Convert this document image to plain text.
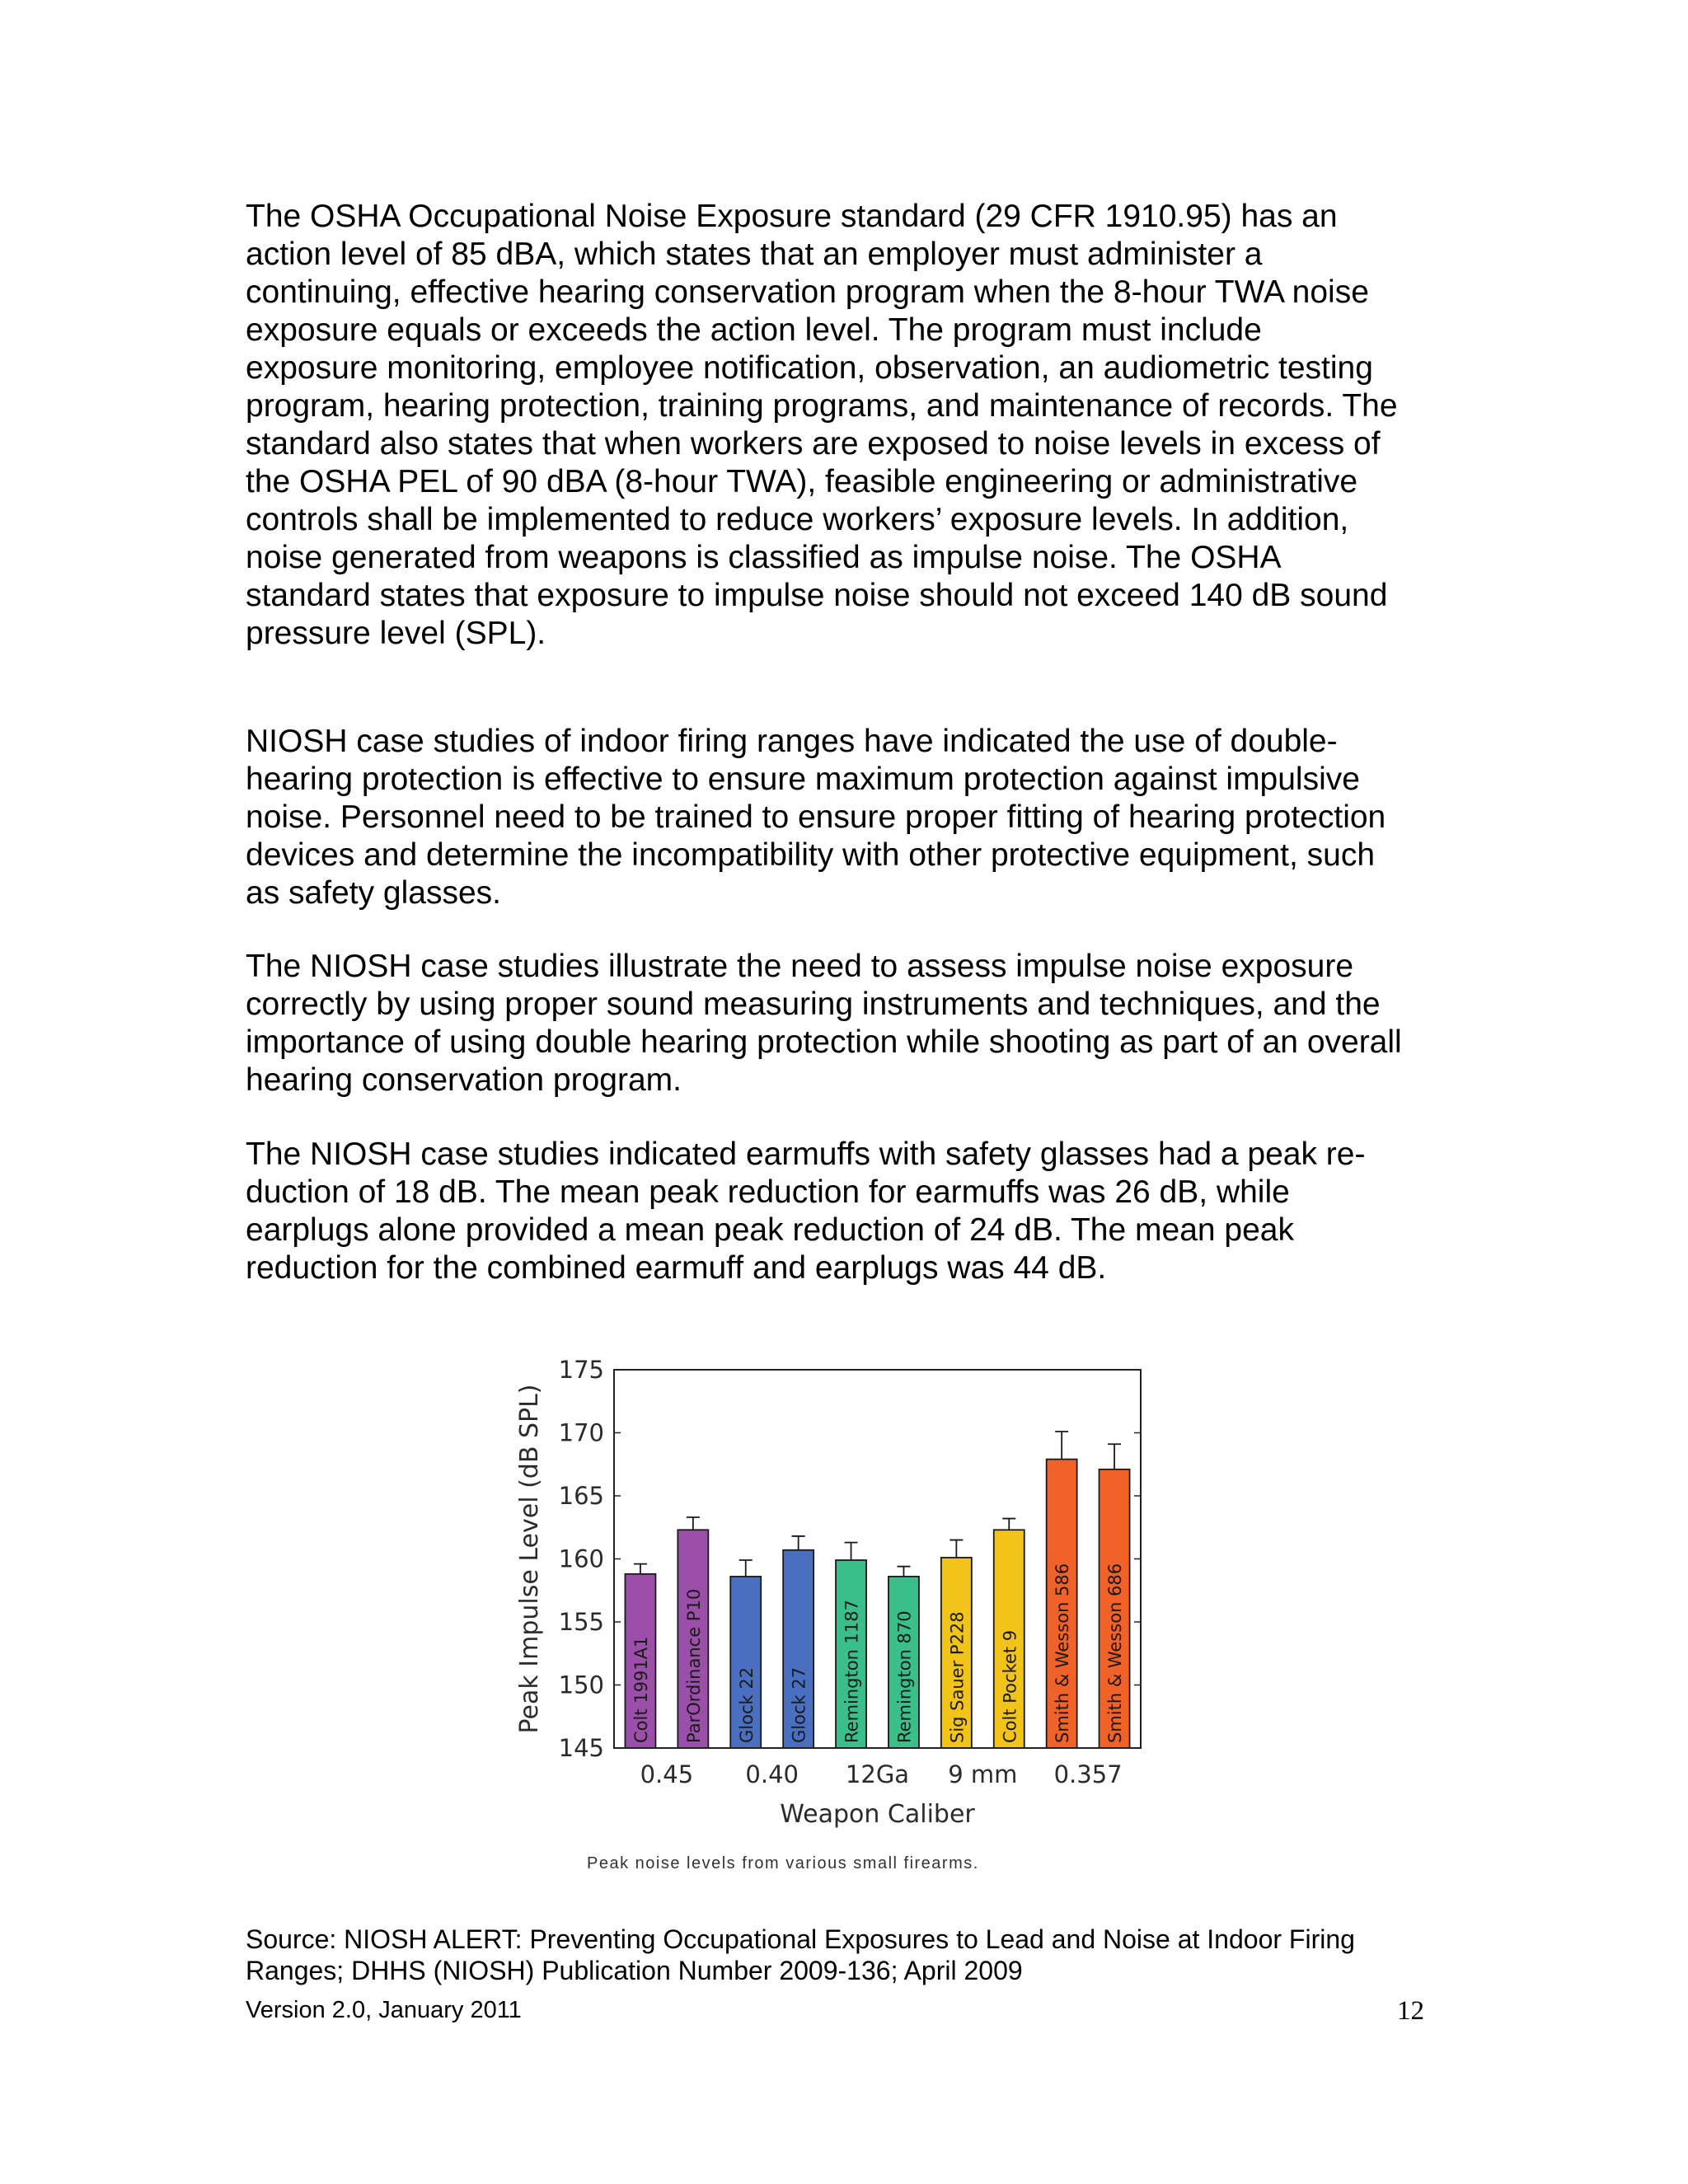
The OSHA Occupational Noise Exposure standard (29 CFR 1910.95) has an
action level of 85 dBA, which states that an employer must administer a
continuing, effective hearing conservation program when the 8-hour TWA noise
exposure equals or exceeds the action level. The program must include
exposure monitoring, employee notification, observation, an audiometric testing
program, hearing protection, training programs, and maintenance of records. The
standard also states that when workers are exposed to noise levels in excess of
the OSHA PEL of 90 dBA (8-hour TWA), feasible engineering or administrative
controls shall be implemented to reduce workers’ exposure levels. In addition,
noise generated from weapons is classified as impulse noise. The OSHA
standard states that exposure to impulse noise should not exceed 140 dB sound
pressure level (SPL).
NIOSH case studies of indoor firing ranges have indicated the use of double-
hearing protection is effective to ensure maximum protection against impulsive
noise. Personnel need to be trained to ensure proper fitting of hearing protection
devices and determine the incompatibility with other protective equipment, such
as safety glasses.
The NIOSH case studies illustrate the need to assess impulse noise exposure
correctly by using proper sound measuring instruments and techniques, and the
importance of using double hearing protection while shooting as part of an overall
hearing conservation program.
The NIOSH case studies indicated earmuffs with safety glasses had a peak re-
duction of 18 dB. The mean peak reduction for earmuffs was 26 dB, while
earplugs alone provided a mean peak reduction of 24 dB. The mean peak
reduction for the combined earmuff and earplugs was 44 dB.
145
150
155
160
165
170
175
Colt 1991A1 ParOrdinance P10 Glock 22 Glock 27 Remington 1187 Remington 870 Sig Sauer P228 Colt Pocket 9 Smith & Wesson 586 Smith & Wesson 686
0.45 0.40 12Ga 9 mm 0.357
Weapon Caliber
Peak Impulse Level (dB SPL)
Peak noise levels from various small firearms.
Source: NIOSH ALERT: Preventing Occupational Exposures to Lead and Noise at Indoor Firing
Ranges; DHHS (NIOSH) Publication Number 2009-136; April 2009
Version 2.0, January 2011	12
